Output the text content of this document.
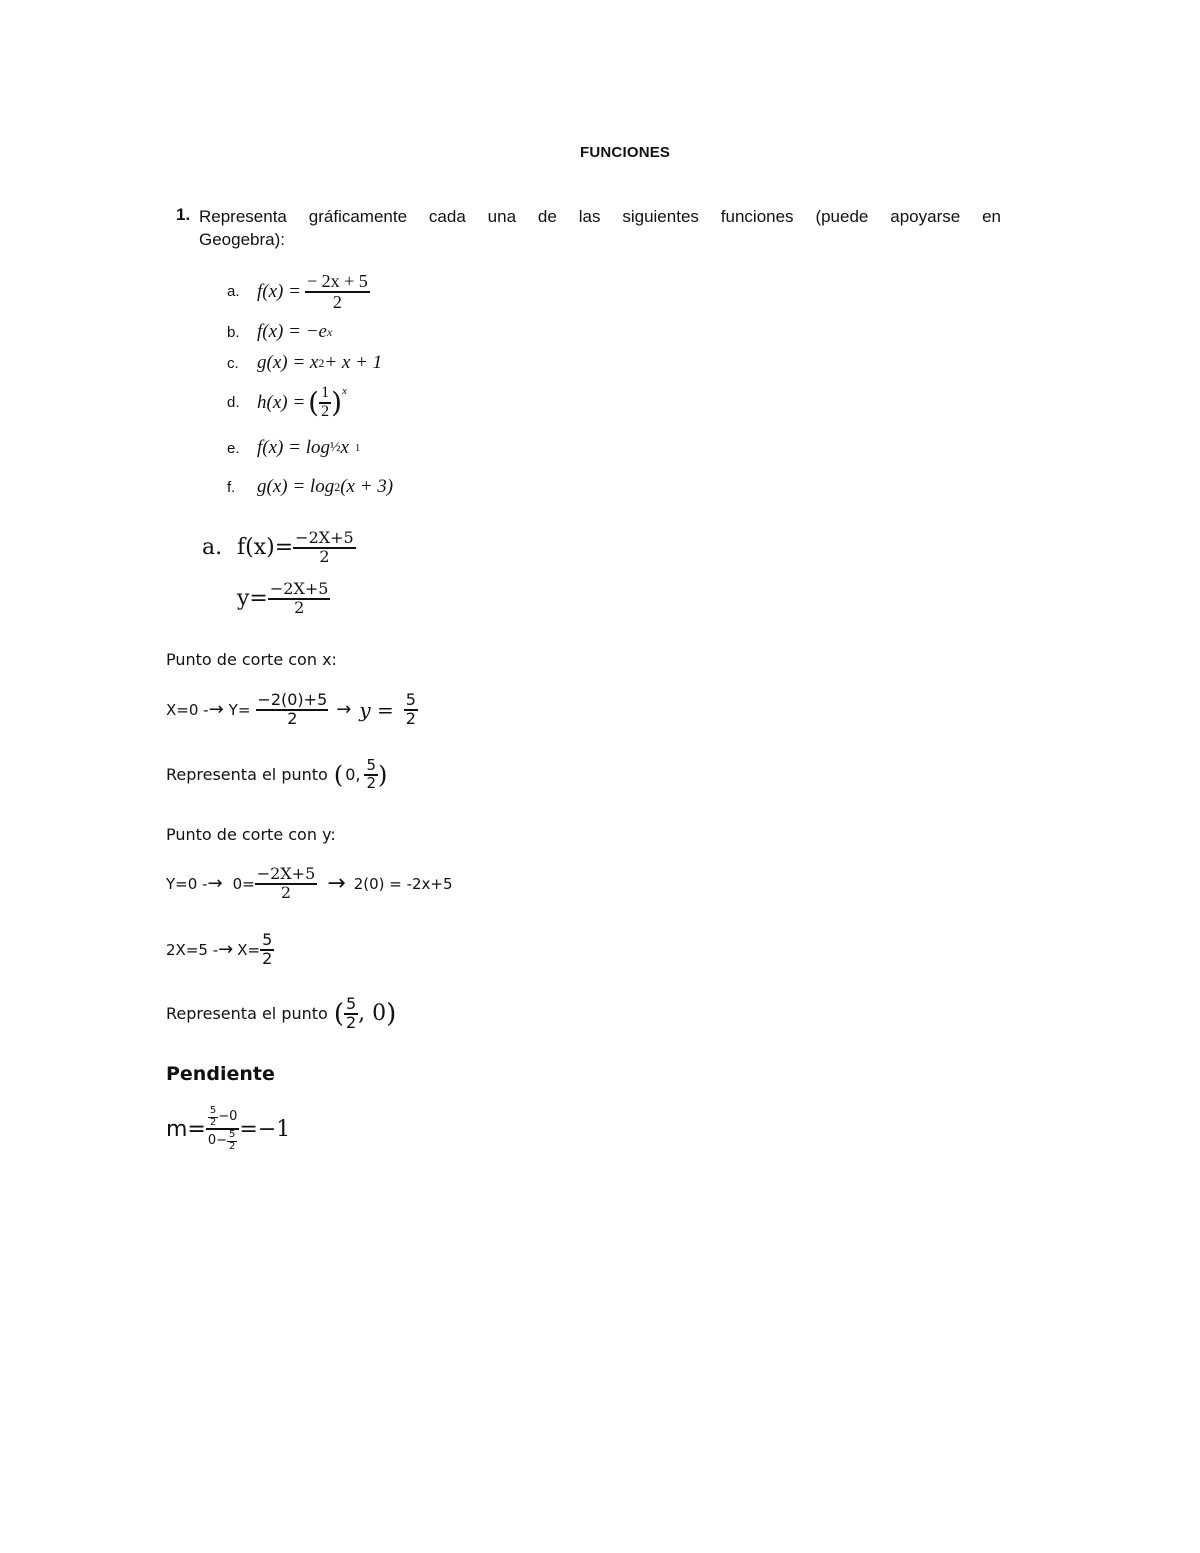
FUNCIONES
1. Representa gráficamente cada una de las siguientes funciones (puede apoyarse en
Geogebra):
a. $f(x) = \frac{- 2x + 5}{2}$
b. f(x) = −e x
c. g(x) = x 2 + x + 1
d. h(x) = ( $\frac{1}{2} )^x$
e. f(x) = log ½ x 1
f.	g(x) = log 2 (x + 3)
a. $f(x)= \frac{-2X+5}{2}$
$y= \frac{-2X+5}{2}$
Punto de corte con x:
X=0 - → $Y= \frac{-2(0)+5}{2} \to y = \frac{5}{2}$
Representa el punto ( 0, $\frac{5}{2}$ )
Punto de corte con y:
Y=0 - → $0= \frac{-2X+5}{2} \to 2(0) = -2x+5$
2X=5 - → $X= \frac{5}{2}$
Representa el punto ( $\frac{5}{2}$ , 0 )
Pendiente
$m= \frac{\frac{5}{2} -0}{0- \frac{5}{2}} =-1$
